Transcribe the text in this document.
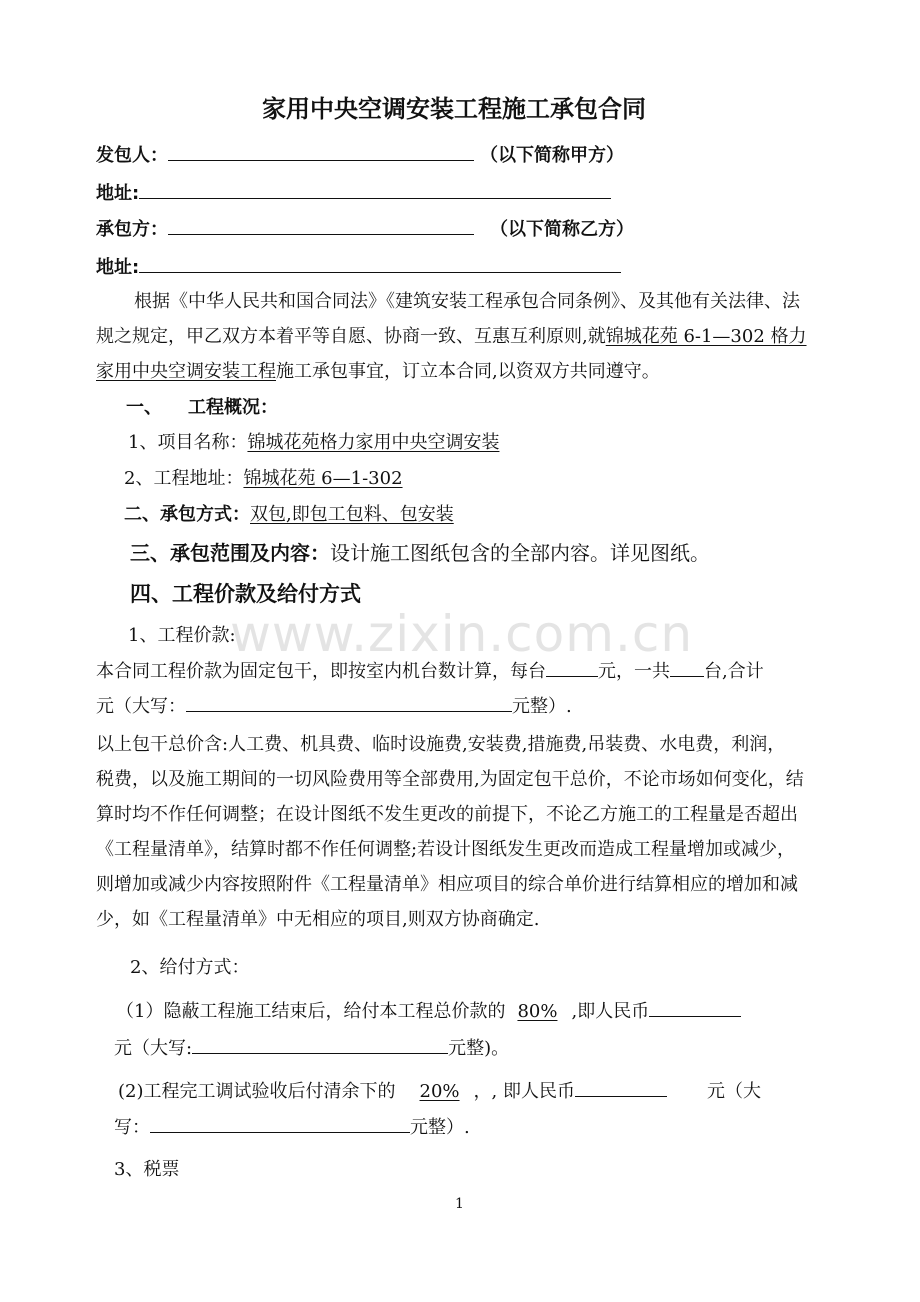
www.zixin.com.cn
家用中央空调安装工程施工承包合同
发包人：	（以下简称甲方）
地址:
承包方：	（以下简称乙方）
地址:
根据《中华人民共和国合同法》《建筑安装工程承包合同条例》、及其他有关法律、法
规之规定，甲乙双方本着平等自愿、协商一致、互惠互利原则,就锦城花苑 6-1—302 格力
家用中央空调安装工程施工承包事宜，订立本合同,以资双方共同遵守。
一、 工程概况：
1、项目名称：锦城花苑格力家用中央空调安装
2、工程地址：锦城花苑 6—1-302
二、承包方式：双包,即包工包料、包安装
三、承包范围及内容：设计施工图纸包含的全部内容。详见图纸。
四、工程价款及给付方式
1、工程价款:
本合同工程价款为固定包干，即按室内机台数计算，每台	元，一共 台,合计
元（大写：	元整）.
以上包干总价含:人工费、机具费、临时设施费,安装费,措施费,吊装费、水电费，利润，
税费，以及施工期间的一切风险费用等全部费用,为固定包干总价，不论市场如何变化，结
算时均不作任何调整；在设计图纸不发生更改的前提下，不论乙方施工的工程量是否超出
《工程量清单》，结算时都不作任何调整;若设计图纸发生更改而造成工程量增加或减少，
则增加或减少内容按照附件《工程量清单》相应项目的综合单价进行结算相应的增加和减
少，如《工程量清单》中无相应的项目,则双方协商确定.
2、给付方式：
（1）隐蔽工程施工结束后，给付本工程总价款的 80% ,即人民币
元（大写:	元整)。
(2)工程完工调试验收后付清余下的 20% ，, 即人民币	元（大
写：	元整）.
3、税票
1
